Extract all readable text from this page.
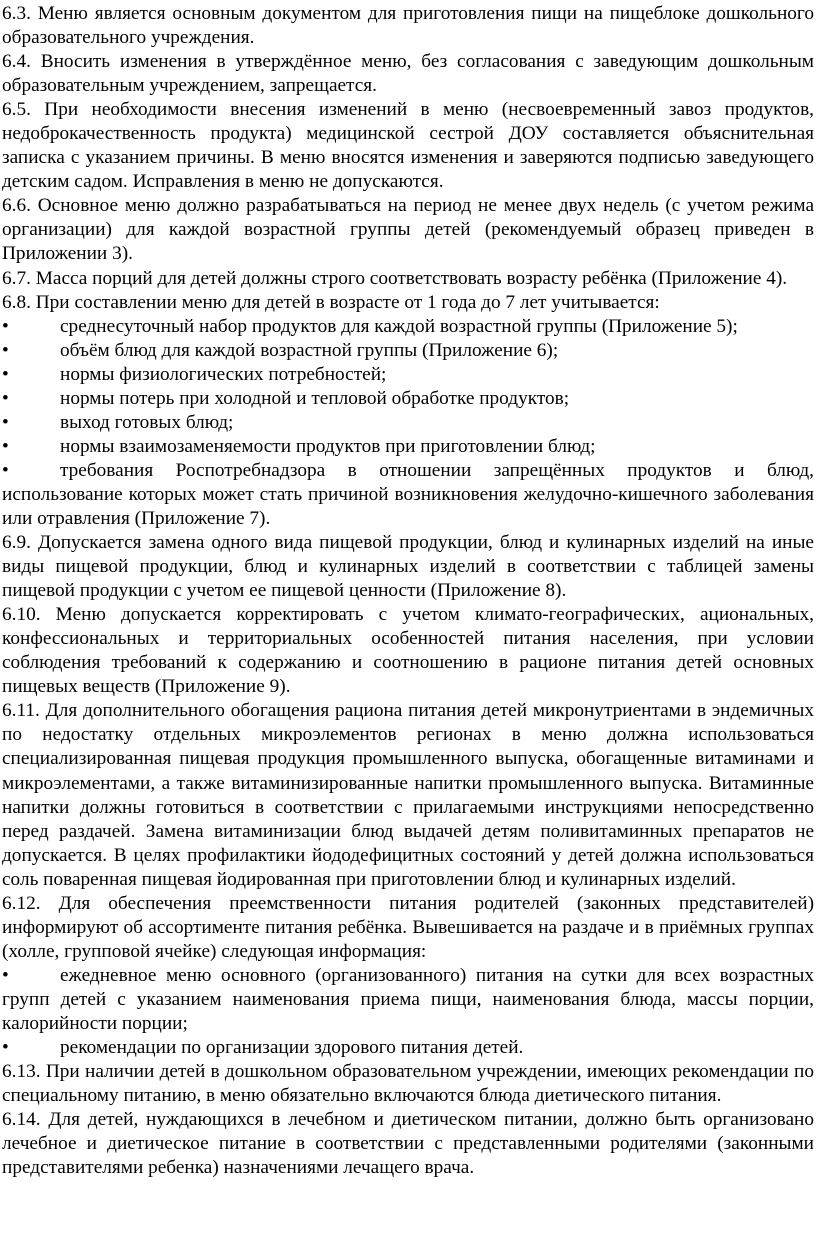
6.3. Меню является основным документом для приготовления пищи на пищеблоке дошкольного образовательного учреждения.

6.4. Вносить изменения в утверждённое меню, без согласования с заведующим дошкольным образовательным учреждением, запрещается.

6.5. При необходимости внесения изменений в меню (несвоевременный завоз продуктов, недоброкачественность продукта) медицинской сестрой ДОУ составляется объяснительная записка с указанием причины. В меню вносятся изменения и заверяются подписью заведующего детским садом. Исправления в меню не допускаются.

6.6. Основное меню должно разрабатываться на период не менее двух недель (с учетом режима организации) для каждой возрастной группы детей (рекомендуемый образец приведен в Приложении 3).

6.7. Масса порций для детей должны строго соответствовать возрасту ребёнка (Приложение 4).

6.8. При составлении меню для детей в возрасте от 1 года до 7 лет учитывается:

•	среднесуточный набор продуктов для каждой возрастной группы (Приложение 5);

•	объём блюд для каждой возрастной группы (Приложение 6);

•	нормы физиологических потребностей;

•	нормы потерь при холодной и тепловой обработке продуктов;

•	выход готовых блюд;

•	нормы взаимозаменяемости продуктов при приготовлении блюд;

•	требования Роспотребнадзора в отношении запрещённых продуктов и блюд, использование которых может стать причиной возникновения желудочно-кишечного заболевания или отравления (Приложение 7).

6.9. Допускается замена одного вида пищевой продукции, блюд и кулинарных изделий на иные виды пищевой продукции, блюд и кулинарных изделий в соответствии с таблицей замены пищевой продукции с учетом ее пищевой ценности (Приложение 8).

6.10. Меню допускается корректировать с учетом климато-географических, ациональных, конфессиональных и территориальных особенностей питания населения, при условии соблюдения требований к содержанию и соотношению в рационе питания детей основных пищевых веществ (Приложение 9).

6.11. Для дополнительного обогащения рациона питания детей микронутриентами в эндемичных по недостатку отдельных микроэлементов регионах в меню должна использоваться специализированная пищевая продукция промышленного выпуска, обогащенные витаминами и микроэлементами, а также витаминизированные напитки промышленного выпуска. Витаминные напитки должны готовиться в соответствии с прилагаемыми инструкциями непосредственно перед раздачей. Замена витаминизации блюд выдачей детям поливитаминных препаратов не допускается. В целях профилактики йододефицитных состояний у детей должна использоваться соль поваренная пищевая йодированная при приготовлении блюд и кулинарных изделий.

6.12. Для обеспечения преемственности питания родителей (законных представителей) информируют об ассортименте питания ребёнка. Вывешивается на раздаче и в приёмных группах (холле, групповой ячейке) следующая информация:

•	ежедневное меню основного (организованного) питания на сутки для всех возрастных групп детей с указанием наименования приема пищи, наименования блюда, массы порции, калорийности порции;

•	рекомендации по организации здорового питания детей.

6.13. При наличии детей в дошкольном образовательном учреждении, имеющих рекомендации по специальному питанию, в меню обязательно включаются блюда диетического питания.

6.14. Для детей, нуждающихся в лечебном и диетическом питании, должно быть организовано лечебное и диетическое питание в соответствии с представленными родителями (законными представителями ребенка) назначениями лечащего врача.
